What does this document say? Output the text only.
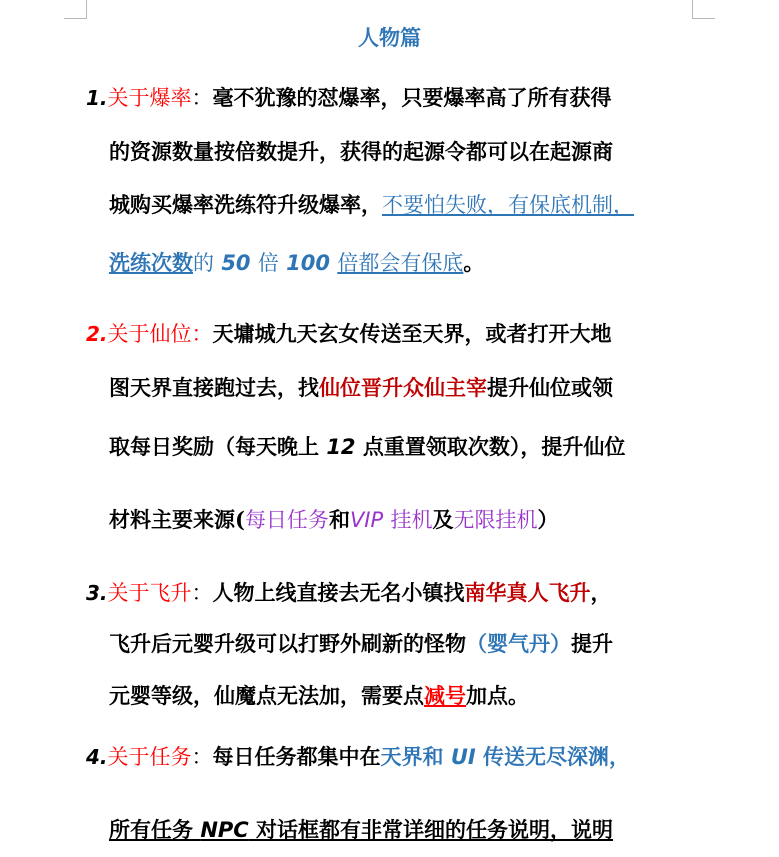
人物篇
1.关于爆率：毫不犹豫的怼爆率，只要爆率高了所有获得
的资源数量按倍数提升，获得的起源令都可以在起源商
城购买爆率洗练符升级爆率，不要怕失败，有保底机制，
洗练次数的 50 倍 100 倍都会有保底。
2.关于仙位：天墉城九天玄女传送至天界，或者打开大地
图天界直接跑过去，找仙位晋升众仙主宰提升仙位或领
取每日奖励（每天晚上 12 点重置领取次数），提升仙位
材料主要来源(每日任务和VIP 挂机及无限挂机）
3.关于飞升：人物上线直接去无名小镇找南华真人飞升，
飞升后元婴升级可以打野外刷新的怪物（婴气丹）提升
元婴等级，仙魔点无法加，需要点减号加点。
4.关于任务：每日任务都集中在天界和 UI 传送无尽深渊，
所有任务 NPC 对话框都有非常详细的任务说明，说明
